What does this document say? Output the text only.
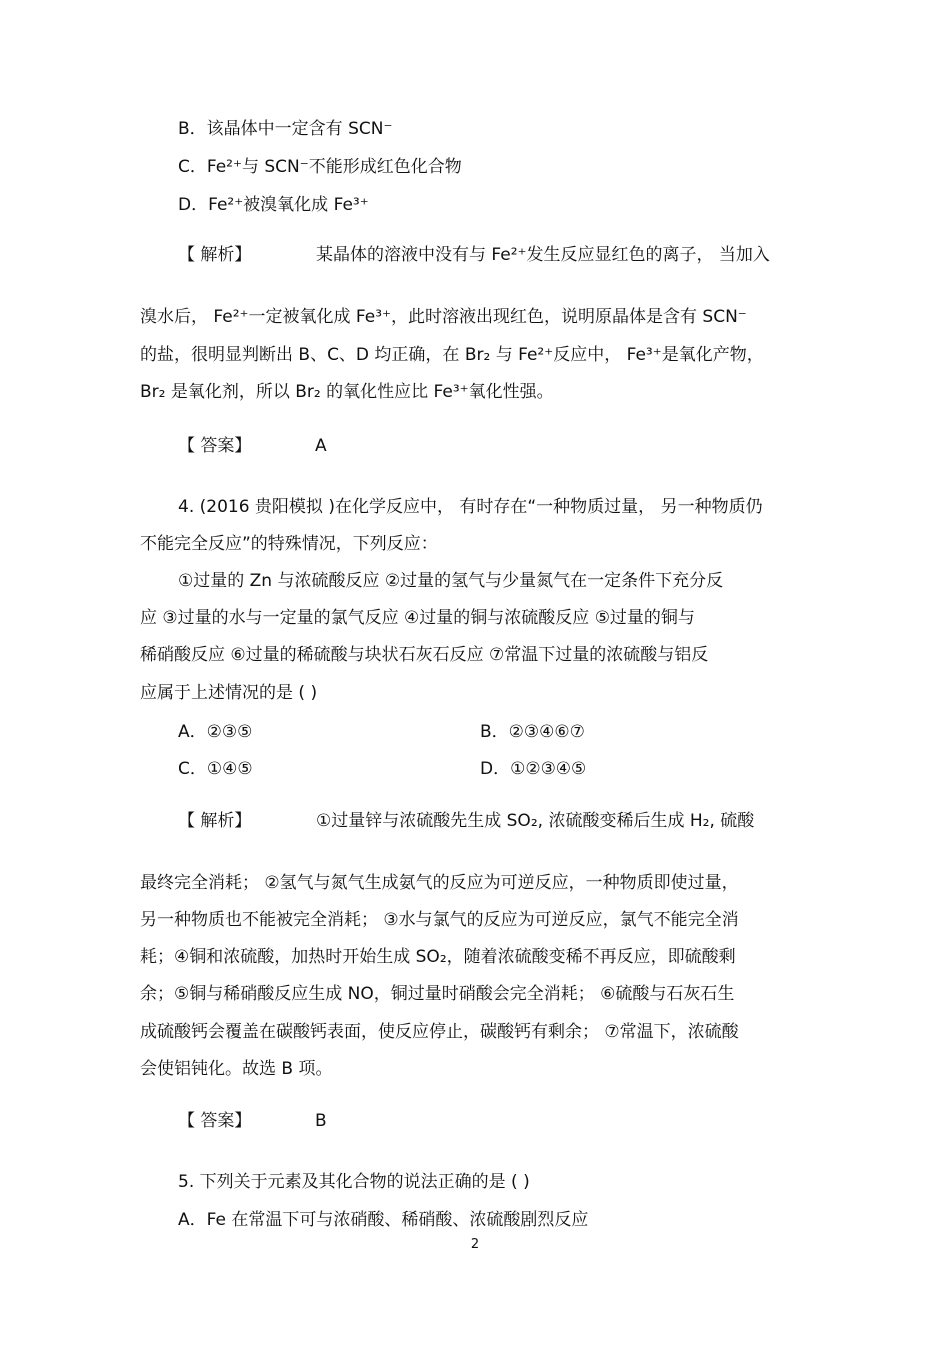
B．该晶体中一定含有 SCN⁻
C．Fe²⁺与 SCN⁻不能形成红色化合物
D．Fe²⁺被溴氧化成 Fe³⁺
【 解析】	某晶体的溶液中没有与 Fe²⁺发生反应显红色的离子， 当加入
溴水后， Fe²⁺一定被氧化成 Fe³⁺，此时溶液出现红色，说明原晶体是含有 SCN⁻
的盐，很明显判断出 B、C、D 均正确，在 Br₂ 与 Fe²⁺反应中， Fe³⁺是氧化产物，
Br₂ 是氧化剂，所以 Br₂ 的氧化性应比 Fe³⁺氧化性强。
【 答案】	A
4. (2016 贵阳模拟 )在化学反应中， 有时存在“一种物质过量， 另一种物质仍
不能完全反应”的特殊情况，下列反应：
①过量的 Zn 与浓硫酸反应 ②过量的氢气与少量氮气在一定条件下充分反
应 ③过量的水与一定量的氯气反应 ④过量的铜与浓硫酸反应 ⑤过量的铜与
稀硝酸反应 ⑥过量的稀硫酸与块状石灰石反应 ⑦常温下过量的浓硫酸与铝反
应属于上述情况的是 ( )
A．②③⑤	B．②③④⑥⑦
C．①④⑤	D．①②③④⑤
【 解析】	①过量锌与浓硫酸先生成 SO₂, 浓硫酸变稀后生成 H₂, 硫酸
最终完全消耗； ②氢气与氮气生成氨气的反应为可逆反应，一种物质即使过量，
另一种物质也不能被完全消耗； ③水与氯气的反应为可逆反应，氯气不能完全消
耗；④铜和浓硫酸，加热时开始生成 SO₂，随着浓硫酸变稀不再反应，即硫酸剩
余；⑤铜与稀硝酸反应生成 NO，铜过量时硝酸会完全消耗； ⑥硫酸与石灰石生
成硫酸钙会覆盖在碳酸钙表面，使反应停止，碳酸钙有剩余； ⑦常温下，浓硫酸
会使铝钝化。故选 B 项。
【 答案】	B
5. 下列关于元素及其化合物的说法正确的是 ( )
A．Fe 在常温下可与浓硝酸、稀硝酸、浓硫酸剧烈反应
2
